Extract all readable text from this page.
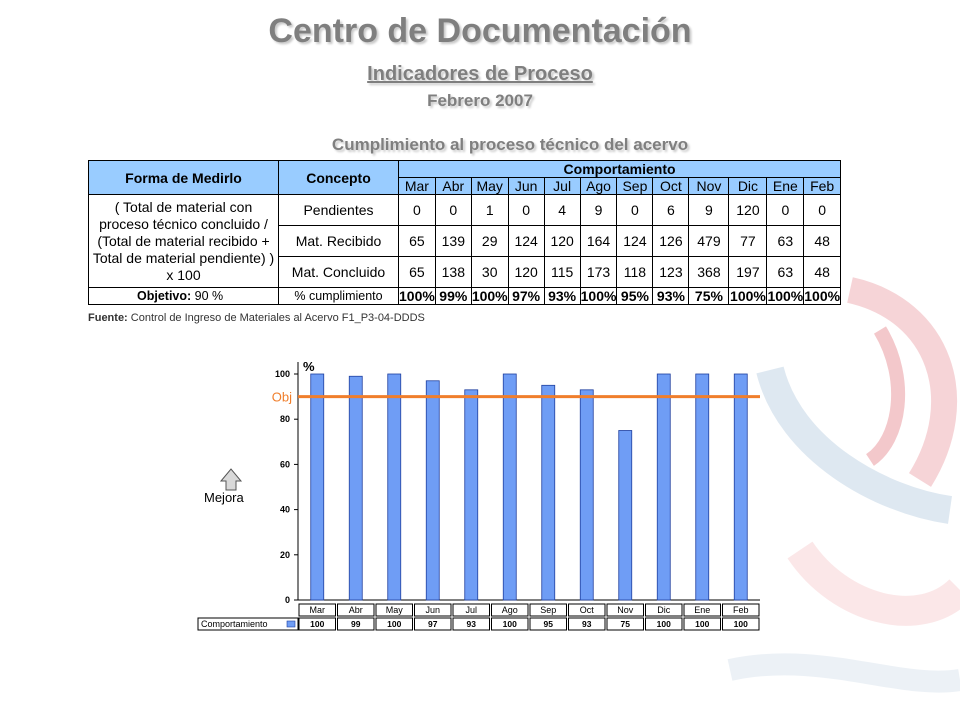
Centro de Documentación
Indicadores de Proceso
Febrero 2007
Cumplimiento al proceso técnico del acervo
Forma de Medirlo	Concepto	Comportamiento											
		Mar	Abr	May	Jun	Jul	Ago	Sep	Oct	Nov	Dic	Ene	Feb
( Total de material con proceso técnico concluido / (Total de material recibido + Total de material pendiente) ) x 100	Pendientes	0	0	1	0	4	9	0	6	9	120	0	0
	Mat. Recibido	65	139	29	124	120	164	124	126	479	77	63	48
	Mat. Concluido	65	138	30	120	115	173	118	123	368	197	63	48
Objetivo: 90 %	% cumplimiento	100%	99%	100%	97%	93%	100%	95%	93%	75%	100%	100%	100%
Fuente: Control de Ingreso de Materiales al Acervo F1_P3-04-DDDS
0
20
40
60
80
100 %
Obj
Mar
100
Abr
99
May
100
Jun
97
Jul
93
Ago
100
Sep
95
Oct
93
Nov
75
Dic
100
Ene
100
Feb
100
Comportamiento
Mejora
